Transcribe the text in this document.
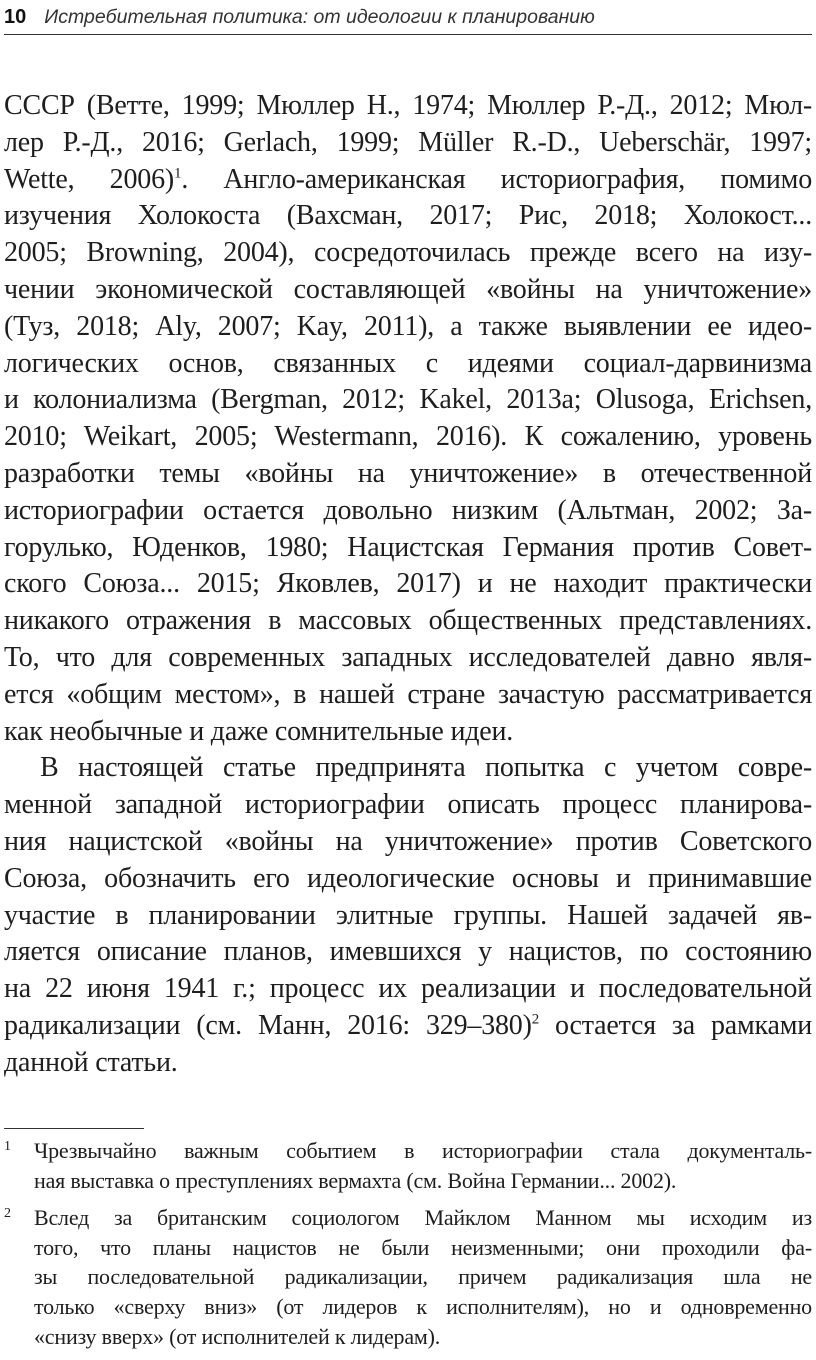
10 Истребительная политика: от идеологии к планированию
СССР (Ветте, 1999; Мюллер Н., 1974; Мюллер Р.-Д., 2012; Мюл-
лер Р.-Д., 2016; Gerlach, 1999; Müller R.-D., Ueberschär, 1997;
Wette, 2006)$^1$. Англо-американская историография, помимо
изучения Холокоста (Вахсман, 2017; Рис, 2018; Холокост...
2005; Browning, 2004), сосредоточилась прежде всего на изу-
чении экономической составляющей «войны на уничтожение»
(Туз, 2018; Aly, 2007; Kay, 2011), а также выявлении ее идео-
логических основ, связанных с идеями социал-дарвинизма
и колониализма (Bergman, 2012; Kakel, 2013а; Olusoga, Erichsen,
2010; Weikart, 2005; Westermann, 2016). К сожалению, уровень
разработки темы «войны на уничтожение» в отечественной
историографии остается довольно низким (Альтман, 2002; За-
горулько, Юденков, 1980; Нацистская Германия против Совет-
ского Союза... 2015; Яковлев, 2017) и не находит практически
никакого отражения в массовых общественных представлениях.
То, что для современных западных исследователей давно явля-
ется «общим местом», в нашей стране зачастую рассматривается
как необычные и даже сомнительные идеи.
В настоящей статье предпринята попытка с учетом совре-
менной западной историографии описать процесс планирова-
ния нацистской «войны на уничтожение» против Советского
Союза, обозначить его идеологические основы и принимавшие
участие в планировании элитные группы. Нашей задачей яв-
ляется описание планов, имевшихся у нацистов, по состоянию
на 22 июня 1941 г.; процесс их реализации и последовательной
радикализации (см. Манн, 2016: 329–380)$^2$ остается за рамками
данной статьи.
1 Чрезвычайно важным событием в историографии стала документаль-
ная выставка о преступлениях вермахта (см. Война Германии... 2002).
2 Вслед за британским социологом Майклом Манном мы исходим из
того, что планы нацистов не были неизменными; они проходили фа-
зы последовательной радикализации, причем радикализация шла не
только «сверху вниз» (от лидеров к исполнителям), но и одновременно
«снизу вверх» (от исполнителей к лидерам).
